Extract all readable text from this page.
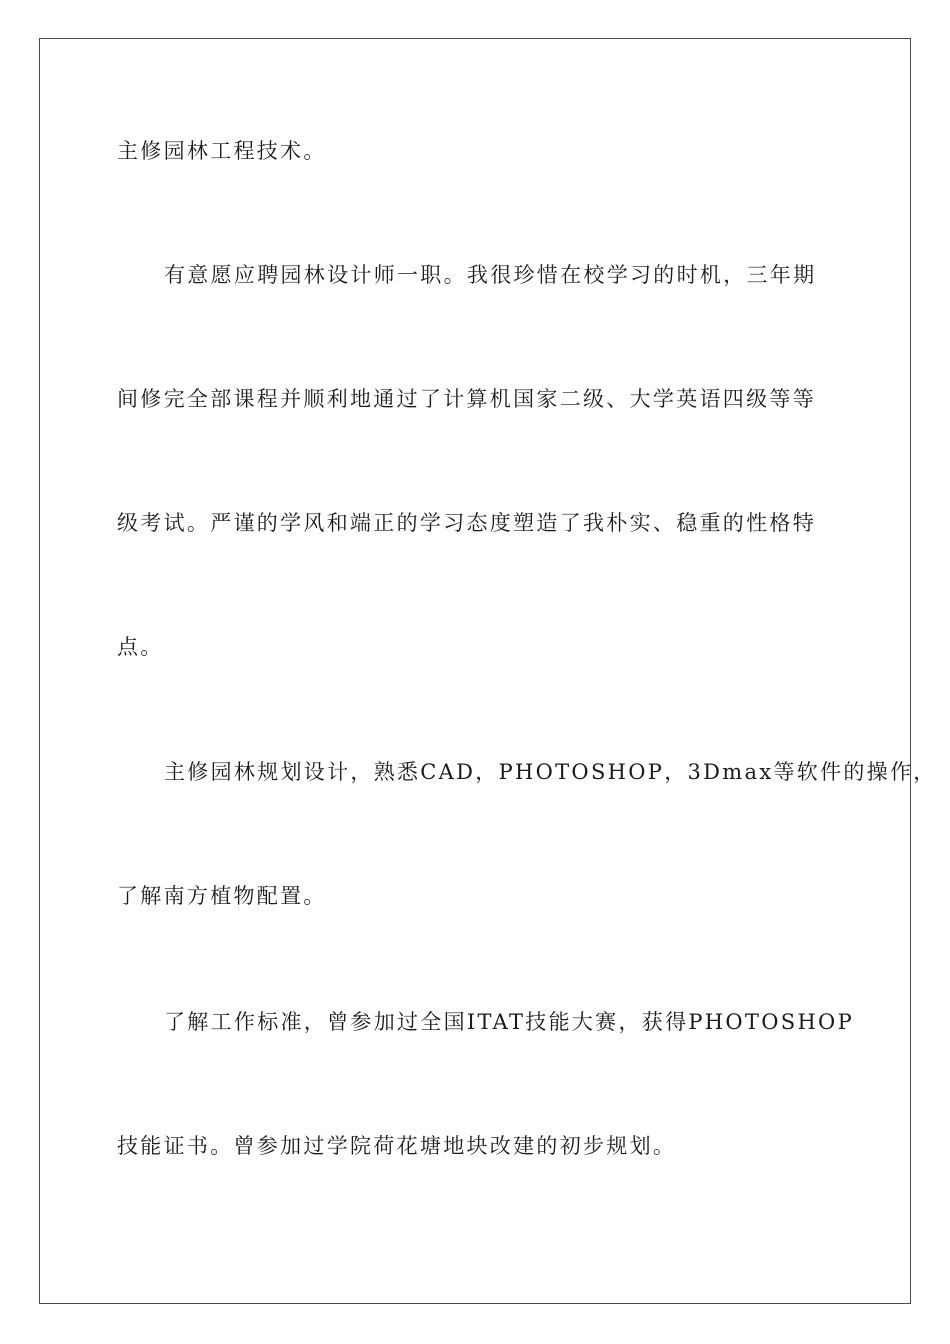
主修园林工程技术。
有意愿应聘园林设计师一职。我很珍惜在校学习的时机，三年期
间修完全部课程并顺利地通过了计算机国家二级、大学英语四级等等
级考试。严谨的学风和端正的学习态度塑造了我朴实、稳重的性格特
点。
主修园林规划设计，熟悉CAD，PHOTOSHOP，3Dmax等软件的操作，
了解南方植物配置。
了解工作标准，曾参加过全国ITAT技能大赛，获得PHOTOSHOP
技能证书。曾参加过学院荷花塘地块改建的初步规划。
